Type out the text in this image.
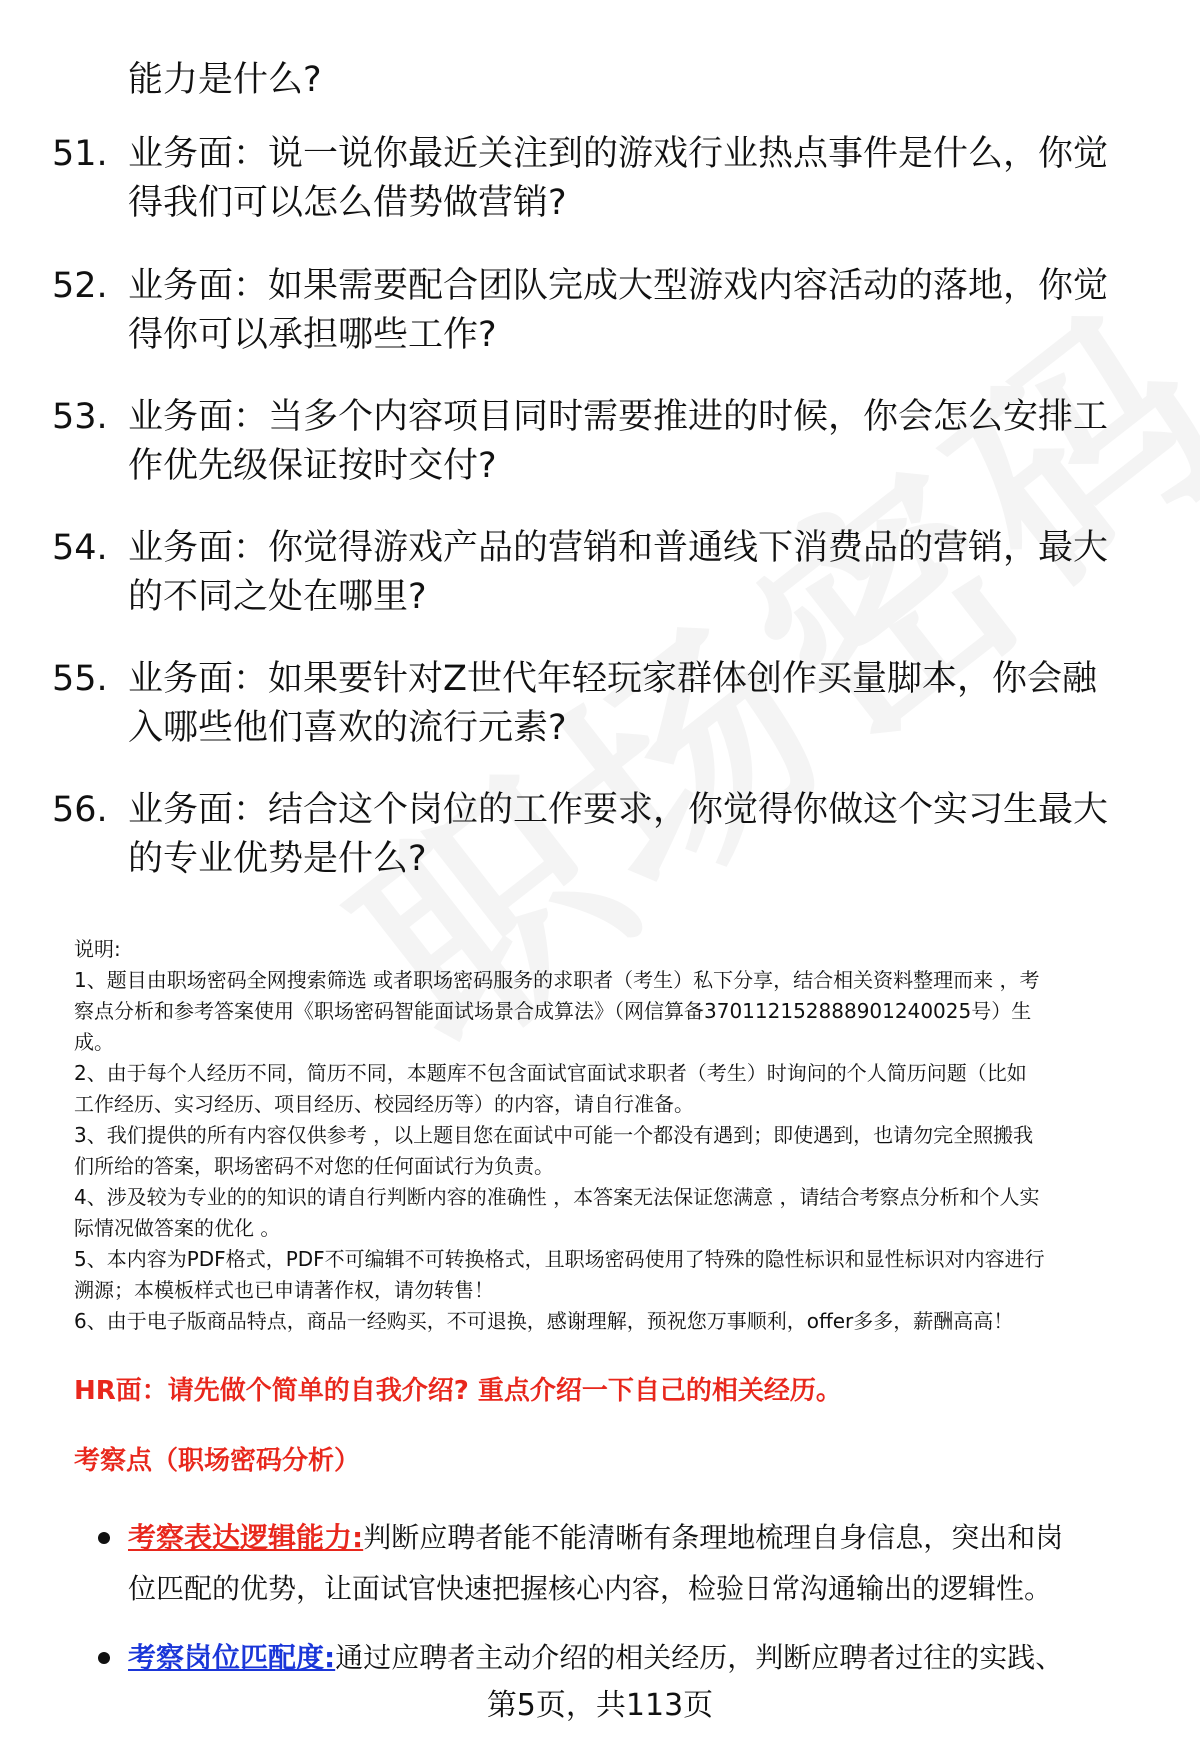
能力是什么?
51. 业务面：说一说你最近关注到的游戏行业热点事件是什么，你觉
得我们可以怎么借势做营销?
52. 业务面：如果需要配合团队完成大型游戏内容活动的落地，你觉
得你可以承担哪些工作?
53. 业务面：当多个内容项目同时需要推进的时候，你会怎么安排工
作优先级保证按时交付?
54. 业务面：你觉得游戏产品的营销和普通线下消费品的营销，最大
的不同之处在哪里?
55. 业务面：如果要针对Z世代年轻玩家群体创作买量脚本，你会融
入哪些他们喜欢的流行元素?
56. 业务面：结合这个岗位的工作要求，你觉得你做这个实习生最大
的专业优势是什么?

说明:

1、题目由职场密码全网搜索筛选 或者职场密码服务的求职者（考生）私下分享，结合相关资料整理而来 ，考

察点分析和参考答案使用《职场密码智能面试场景合成算法》（网信算备370112152888901240025号）生

成。

2、由于每个人经历不同，简历不同，本题库不包含面试官面试求职者（考生）时询问的个人简历问题（比如

工作经历、实习经历、项目经历、校园经历等）的内容，请自行准备。

3、我们提供的所有内容仅供参考 ，以上题目您在面试中可能一个都没有遇到；即使遇到，也请勿完全照搬我

们所给的答案，职场密码不对您的任何面试行为负责。

4、涉及较为专业的的知识的请自行判断内容的准确性 ，本答案无法保证您满意 ，请结合考察点分析和个人实

际情况做答案的优化 。

5、本内容为PDF格式，PDF不可编辑不可转换格式，且职场密码使用了特殊的隐性标识和显性标识对内容进行

溯源；本模板样式也已申请著作权，请勿转售！

6、由于电子版商品特点，商品一经购买，不可退换，感谢理解，预祝您万事顺利，offer多多，薪酬高高！

HR面：请先做个简单的自我介绍? 重点介绍一下自己的相关经历。
考察点（职场密码分析）
考察表达逻辑能力:判断应聘者能不能清晰有条理地梳理自身信息，突出和岗
位匹配的优势，让面试官快速把握核心内容，检验日常沟通输出的逻辑性。
考察岗位匹配度:通过应聘者主动介绍的相关经历，判断应聘者过往的实践、
第5页，共113页
